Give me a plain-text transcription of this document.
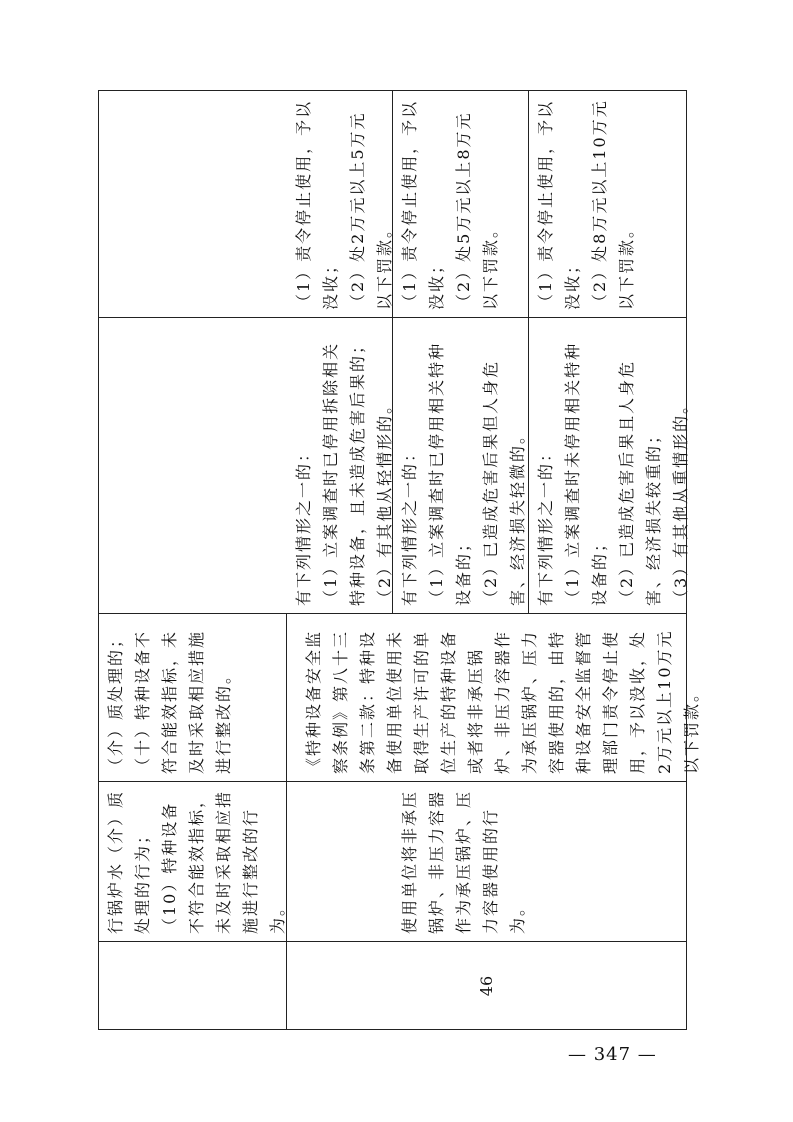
46
行锅炉水（介）质处理的行为；
（10）特种设备不符合能效指标，未及时采取相应措施进行整改的行为。
（介）质处理的；
（十）特种设备不符合能效指标，未及时采取相应措施进行整改的。
使用单位将非承压锅炉、非压力容器作为承压锅炉、压力容器使用的行为。
《特种设备安全监察条例》第八十三条第二款：特种设备使用单位使用未取得生产许可的单位生产的特种设备或者将非承压锅炉、非压力容器作为承压锅炉、压力容器使用的，由特种设备安全监督管理部门责令停止使用，予以没收，处2万元以上10万元以下罚款。
有下列情形之一的：
（1）立案调查时已停用拆除相关特种设备，且未造成危害后果的；
（2）有其他从轻情形的。
（1）责令停止使用，予以没收；
（2）处2万元以上5万元以下罚款。
有下列情形之一的：
（1）立案调查时已停用相关特种设备的；
（2）已造成危害后果但人身危害、经济损失轻微的。
（1）责令停止使用，予以没收；
（2）处5万元以上8万元以下罚款。
有下列情形之一的：
（1）立案调查时未停用相关特种设备的；
（2）已造成危害后果且人身危害、经济损失较重的；
（3）有其他从重情形的。
（1）责令停止使用，予以没收；
（2）处8万元以上10万元以下罚款。
— 347 —
